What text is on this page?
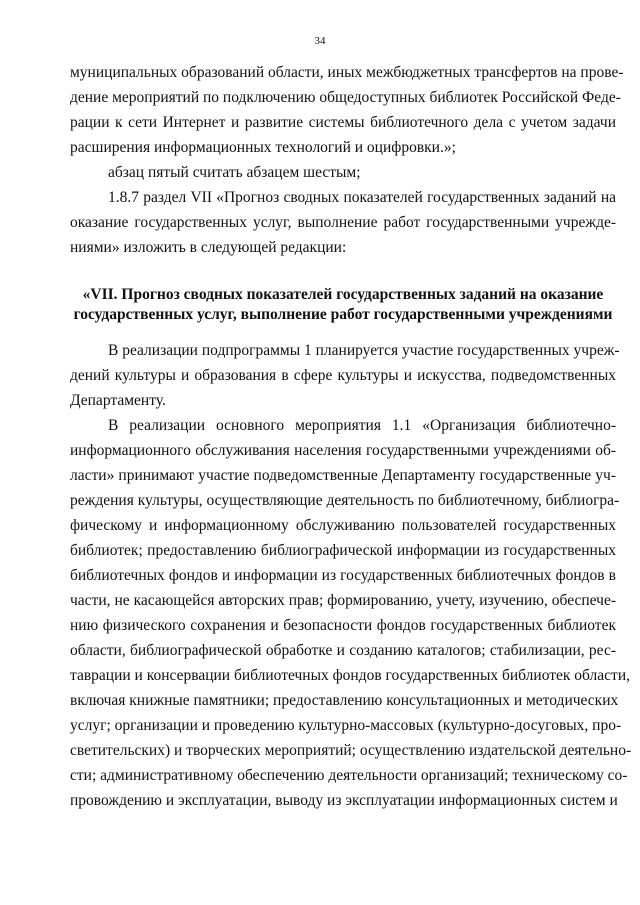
34
муниципальных образований области, иных межбюджетных трансфертов на прове-
дение мероприятий по подключению общедоступных библиотек Российской Феде-
рации к сети Интернет и развитие системы библиотечного дела с учетом задачи
расширения информационных технологий и оцифровки.»;
абзац пятый считать абзацем шестым;
1.8.7 раздел VII «Прогноз сводных показателей государственных заданий на
оказание государственных услуг, выполнение работ государственными учрежде-
ниями» изложить в следующей редакции:
«VII. Прогноз сводных показателей государственных заданий на оказание
государственных услуг, выполнение работ государственными учреждениями
В реализации подпрограммы 1 планируется участие государственных учреж-
дений культуры и образования в сфере культуры и искусства, подведомственных
Департаменту.
В реализации основного мероприятия 1.1 «Организация библиотечно-
информационного обслуживания населения государственными учреждениями об-
ласти» принимают участие подведомственные Департаменту государственные уч-
реждения культуры, осуществляющие деятельность по библиотечному, библиогра-
фическому и информационному обслуживанию пользователей государственных
библиотек; предоставлению библиографической информации из государственных
библиотечных фондов и информации из государственных библиотечных фондов в
части, не касающейся авторских прав; формированию, учету, изучению, обеспече-
нию физического сохранения и безопасности фондов государственных библиотек
области, библиографической обработке и созданию каталогов; стабилизации, рес-
таврации и консервации библиотечных фондов государственных библиотек области,
включая книжные памятники; предоставлению консультационных и методических
услуг; организации и проведению культурно-массовых (культурно-досуговых, про-
светительских) и творческих мероприятий; осуществлению издательской деятельно-
сти; административному обеспечению деятельности организаций; техническому со-
провождению и эксплуатации, выводу из эксплуатации информационных систем и
